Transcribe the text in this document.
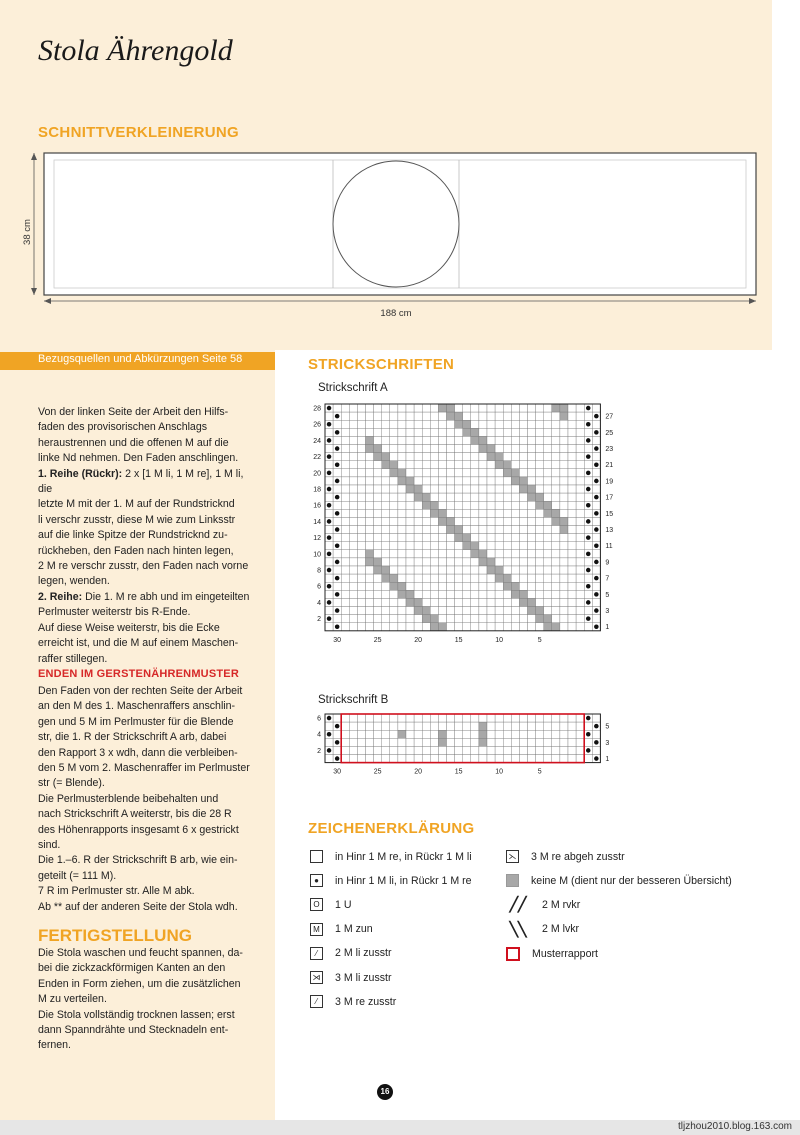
Stola Ährengold
SCHNITTVERKLEINERUNG
38 cm
188 cm
Bezugsquellen und Abkürzungen Seite 58

Von der linken Seite der Arbeit den Hilfs-

faden des provisorischen Anschlags

heraustrennen und die offenen M auf die

linke Nd nehmen. Den Faden anschlingen.

1. Reihe (Rückr): 2 x [1 M li, 1 M re], 1 M li, die

letzte M mit der 1. M auf der Rundstricknd

li verschr zusstr, diese M wie zum Linksstr

auf die linke Spitze der Rundstricknd zu-

rückheben, den Faden nach hinten legen,

2 M re verschr zusstr, den Faden nach vorne

legen, wenden.

2. Reihe: Die 1. M re abh und im eingeteilten

Perlmuster weiterstr bis R-Ende.

Auf diese Weise weiterstr, bis die Ecke

erreicht ist, und die M auf einem Maschen-

raffer stillegen.

ENDEN IM GERSTENÄHRENMUSTER

Den Faden von der rechten Seite der Arbeit

an den M des 1. Maschenraffers anschlin-

gen und 5 M im Perlmuster für die Blende

str, die 1. R der Strickschrift A arb, dabei

den Rapport 3 x wdh, dann die verbleiben-

den 5 M vom 2. Maschenraffer im Perlmuster

str (= Blende).

Die Perlmusterblende beibehalten und

nach Strickschrift A weiterstr, bis die 28 R

des Höhenrapports insgesamt 6 x gestrickt

sind.

Die 1.–6. R der Strickschrift B arb, wie ein-

geteilt (= 111 M).

7 R im Perlmuster str. Alle M abk.

Ab ** auf der anderen Seite der Stola wdh.

FERTIGSTELLUNG

Die Stola waschen und feucht spannen, da-

bei die zickzackförmigen Kanten an den

Enden in Form ziehen, um die zusätzlichen

M zu verteilen.

Die Stola vollständig trocknen lassen; erst

dann Spanndrähte und Stecknadeln ent-

fernen.

STRICKSCHRIFTEN
Strickschrift A
28
26
24
22
20
18
16
14
12
10
8
6
4
2
27
25
23
21
19
17
15
13
11
9
7
5
3
1
30	25	20	15	10	5
Strickschrift B
6
4
2
5
3
1
30	25	20	15	10	5
ZEICHENERKLÄRUNG
in Hinr 1 M re, in Rückr 1 M li
●	in Hinr 1 M li, in Rückr 1 M re
O	1 U
M 1 M zun
⁄	2 M li zusstr
⋊ 3 M li zusstr
⁄	3 M re zusstr
⋋ 3 M re abgeh zusstr
keine M (dient nur der besseren Übersicht)
╱╱	2 M rvkr
╲╲	2 M lvkr
Musterrapport
16
tljzhou2010.blog.163.com
